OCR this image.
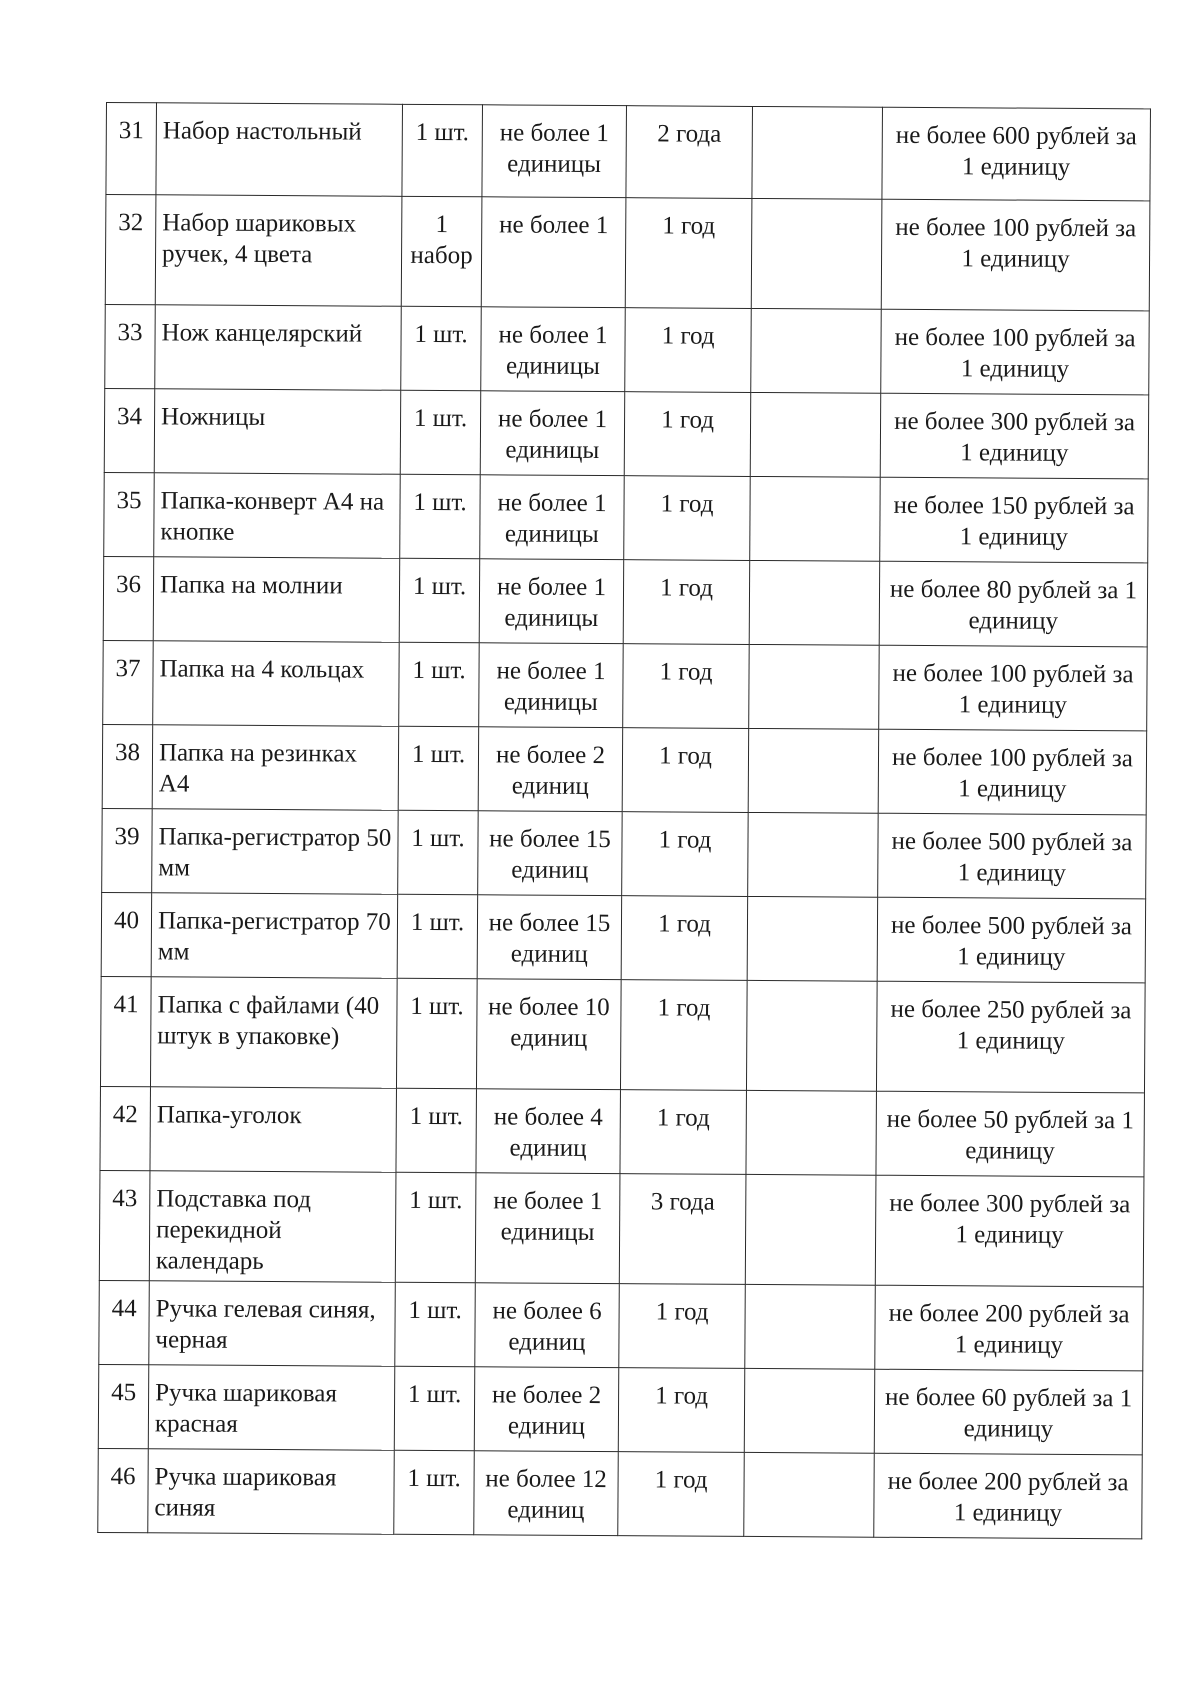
31	Набор настольный	1 шт.	не более 1 единицы	2 года		не более 600 рублей за 1 единицу

32	Набор шариковых ручек, 4 цвета	1 набор	не более 1	1 год		не более 100 рублей за 1 единицу

33	Нож канцелярский	1 шт.	не более 1 единицы	1 год		не более 100 рублей за 1 единицу

34	Ножницы	1 шт.	не более 1 единицы	1 год		не более 300 рублей за 1 единицу

35	Папка-конверт А4 на кнопке	1 шт.	не более 1 единицы	1 год		не более 150 рублей за 1 единицу

36	Папка на молнии	1 шт.	не более 1 единицы	1 год		не более 80 рублей за 1 единицу

37	Папка на 4 кольцах	1 шт.	не более 1 единицы	1 год		не более 100 рублей за 1 единицу

38	Папка на резинках А4	1 шт.	не более 2 единиц	1 год		не более 100 рублей за 1 единицу

39	Папка-регистратор 50 мм	1 шт.	не более 15 единиц	1 год		не более 500 рублей за 1 единицу

40	Папка-регистратор 70 мм	1 шт.	не более 15 единиц	1 год		не более 500 рублей за 1 единицу

41	Папка с файлами (40 штук в упаковке)	1 шт.	не более 10 единиц	1 год		не более 250 рублей за 1 единицу

42	Папка-уголок	1 шт.	не более 4 единиц	1 год		не более 50 рублей за 1 единицу

43	Подставка под перекидной календарь	1 шт.	не более 1 единицы	3 года		не более 300 рублей за 1 единицу

44	Ручка гелевая синяя, черная	1 шт.	не более 6 единиц	1 год		не более 200 рублей за 1 единицу

45	Ручка шариковая красная	1 шт.	не более 2 единиц	1 год		не более 60 рублей за 1 единицу

46	Ручка шариковая синяя	1 шт.	не более 12 единиц	1 год		не более 200 рублей за 1 единицу
